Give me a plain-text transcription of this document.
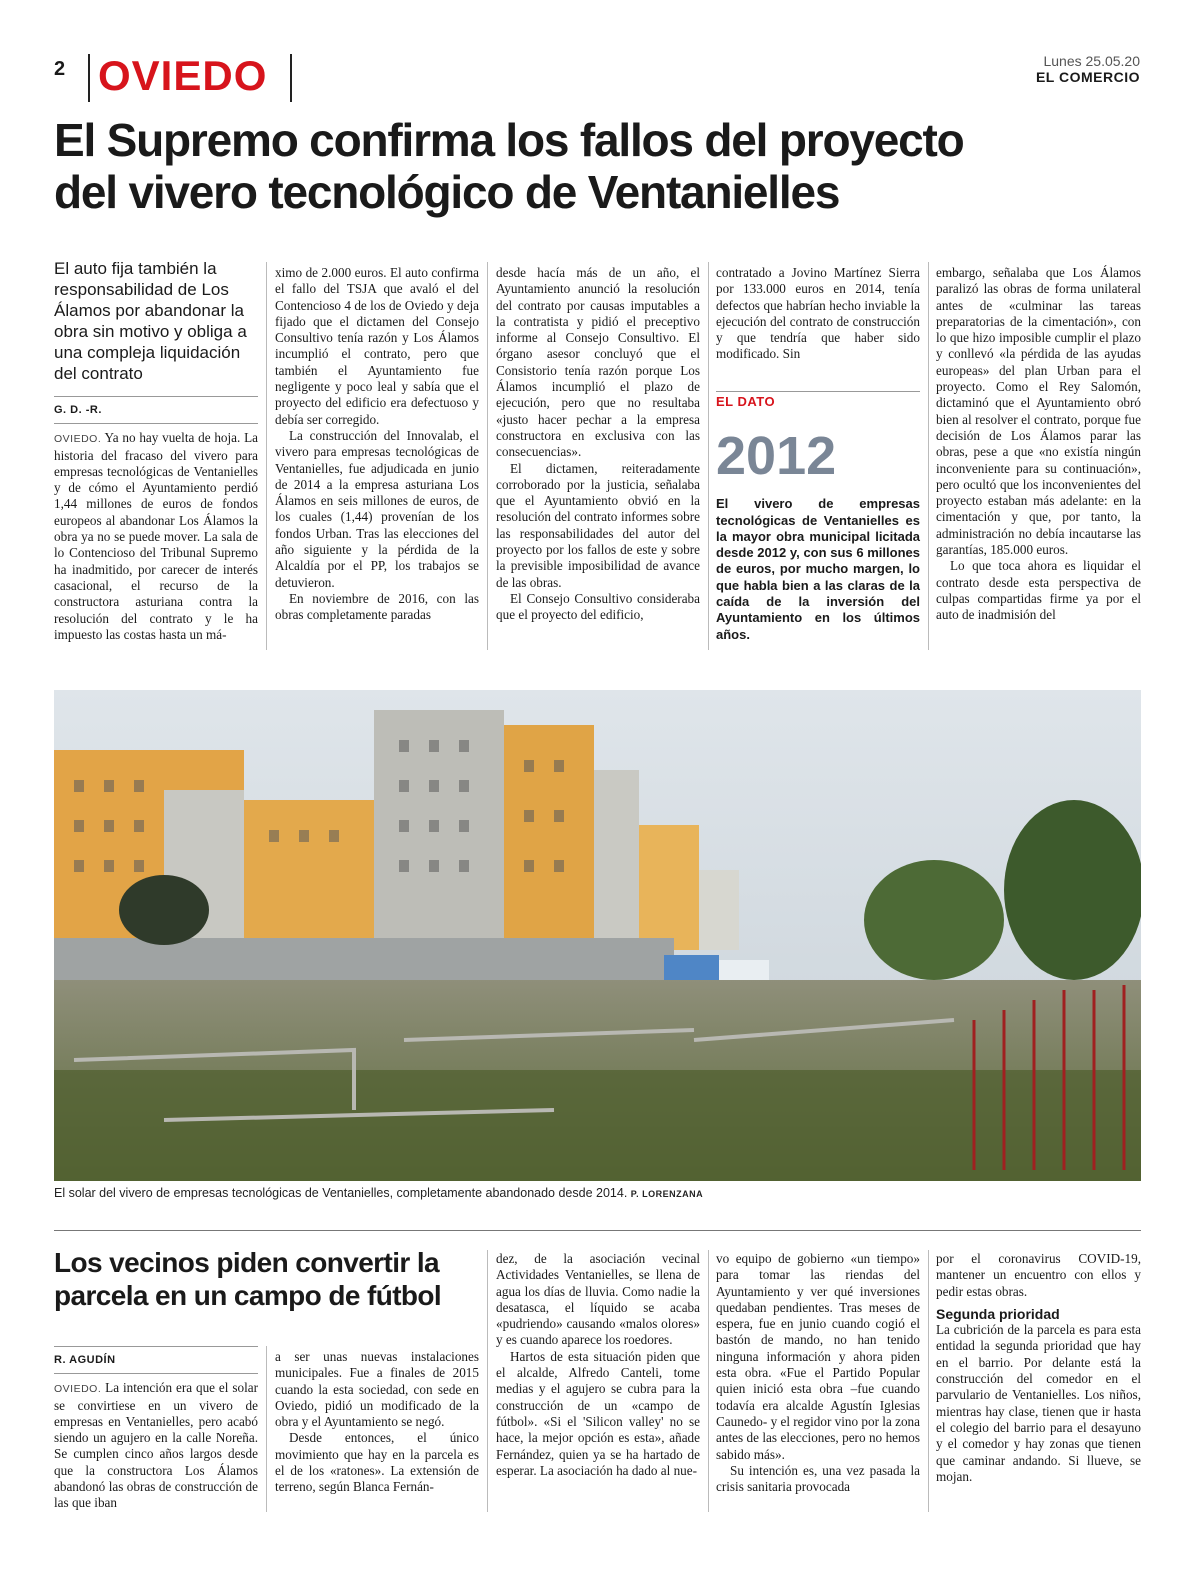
2 OVIEDO	Lunes 25.05.20
EL COMERCIO
El Supremo confirma los fallos del proyecto
del vivero tecnológico de Ventanielles
El auto fija también la responsabilidad de Los Álamos por abandonar la obra sin motivo y obliga a una compleja liquidación del contrato
G. D. -R.

OVIEDO. Ya no hay vuelta de hoja. La historia del fracaso del vivero para empresas tecnológicas de Ventanielles y de cómo el Ayuntamiento perdió 1,44 millones de euros de fondos europeos al abandonar Los Álamos la obra ya no se puede mover. La sala de lo Contencioso del Tribunal Supremo ha inadmitido, por carecer de interés casacional, el recurso de la constructora asturiana contra la resolución del contrato y le ha impuesto las costas hasta un má-

ximo de 2.000 euros. El auto confirma el fallo del TSJA que avaló el del Contencioso 4 de los de Oviedo y deja fijado que el dictamen del Consejo Consultivo tenía razón y Los Álamos incumplió el contrato, pero que también el Ayuntamiento fue negligente y poco leal y sabía que el proyecto del edificio era defectuoso y debía ser corregido.

La construcción del Innovalab, el vivero para empresas tecnológicas de Ventanielles, fue adjudicada en junio de 2014 a la empresa asturiana Los Álamos en seis millones de euros, de los cuales (1,44) provenían de los fondos Urban. Tras las elecciones del año siguiente y la pérdida de la Alcaldía por el PP, los trabajos se detuvieron.

En noviembre de 2016, con las obras completamente paradas

desde hacía más de un año, el Ayuntamiento anunció la resolución del contrato por causas imputables a la contratista y pidió el preceptivo informe al Consejo Consultivo. El órgano asesor concluyó que el Consistorio tenía razón porque Los Álamos incumplió el plazo de ejecución, pero que no resultaba «justo hacer pechar a la empresa constructora en exclusiva con las consecuencias».

El dictamen, reiteradamente corroborado por la justicia, señalaba que el Ayuntamiento obvió en la resolución del contrato informes sobre las responsabilidades del autor del proyecto por los fallos de este y sobre la previsible imposibilidad de avance de las obras.

El Consejo Consultivo consideraba que el proyecto del edificio,

contratado a Jovino Martínez Sierra por 133.000 euros en 2014, tenía defectos que habrían hecho inviable la ejecución del contrato de construcción y que tendría que haber sido modificado. Sin

EL DATO
2012
El vivero de empresas tecnológicas de Ventanielles es la mayor obra municipal licitada desde 2012 y, con sus 6 millones de euros, por mucho margen, lo que habla bien a las claras de la caída de la inversión del Ayuntamiento en los últimos años.

embargo, señalaba que Los Álamos paralizó las obras de forma unilateral antes de «culminar las tareas preparatorias de la cimentación», con lo que hizo imposible cumplir el plazo y conllevó «la pérdida de las ayudas europeas» del plan Urban para el proyecto. Como el Rey Salomón, dictaminó que el Ayuntamiento obró bien al resolver el contrato, porque fue decisión de Los Álamos parar las obras, pese a que «no existía ningún inconveniente para su continuación», pero ocultó que los inconvenientes del proyecto estaban más adelante: en la cimentación y que, por tanto, la administración no debía incautarse las garantías, 185.000 euros.

Lo que toca ahora es liquidar el contrato desde esta perspectiva de culpas compartidas firme ya por el auto de inadmisión del

El solar del vivero de empresas tecnológicas de Ventanielles, completamente abandonado desde 2014. P. LORENZANA
Los vecinos piden convertir la parcela en un campo de fútbol
R. AGUDÍN

OVIEDO. La intención era que el solar se convirtiese en un vivero de empresas en Ventanielles, pero acabó siendo un agujero en la calle Noreña. Se cumplen cinco años largos desde que la constructora Los Álamos abandonó las obras de construcción de las que iban

a ser unas nuevas instalaciones municipales. Fue a finales de 2015 cuando la esta sociedad, con sede en Oviedo, pidió un modificado de la obra y el Ayuntamiento se negó.

Desde entonces, el único movimiento que hay en la parcela es el de los «ratones». La extensión de terreno, según Blanca Fernán-

dez, de la asociación vecinal Actividades Ventanielles, se llena de agua los días de lluvia. Como nadie la desatasca, el líquido se acaba «pudriendo» causando «malos olores» y es cuando aparece los roedores.

Hartos de esta situación piden que el alcalde, Alfredo Canteli, tome medias y el agujero se cubra para la construcción de un «campo de fútbol». «Si el 'Silicon valley' no se hace, la mejor opción es esta», añade Fernández, quien ya se ha hartado de esperar. La asociación ha dado al nue-

vo equipo de gobierno «un tiempo» para tomar las riendas del Ayuntamiento y ver qué inversiones quedaban pendientes. Tras meses de espera, fue en junio cuando cogió el bastón de mando, no han tenido ninguna información y ahora piden esta obra. «Fue el Partido Popular quien inició esta obra –fue cuando todavía era alcalde Agustín Iglesias Caunedo- y el regidor vino por la zona antes de las elecciones, pero no hemos sabido más».

Su intención es, una vez pasada la crisis sanitaria provocada

por el coronavirus COVID-19, mantener un encuentro con ellos y pedir estas obras.

Segunda prioridad

La cubrición de la parcela es para esta entidad la segunda prioridad que hay en el barrio. Por delante está la construcción del comedor en el parvulario de Ventanielles. Los niños, mientras hay clase, tienen que ir hasta el colegio del barrio para el desayuno y el comedor y hay zonas que tienen que caminar andando. Si llueve, se mojan.
